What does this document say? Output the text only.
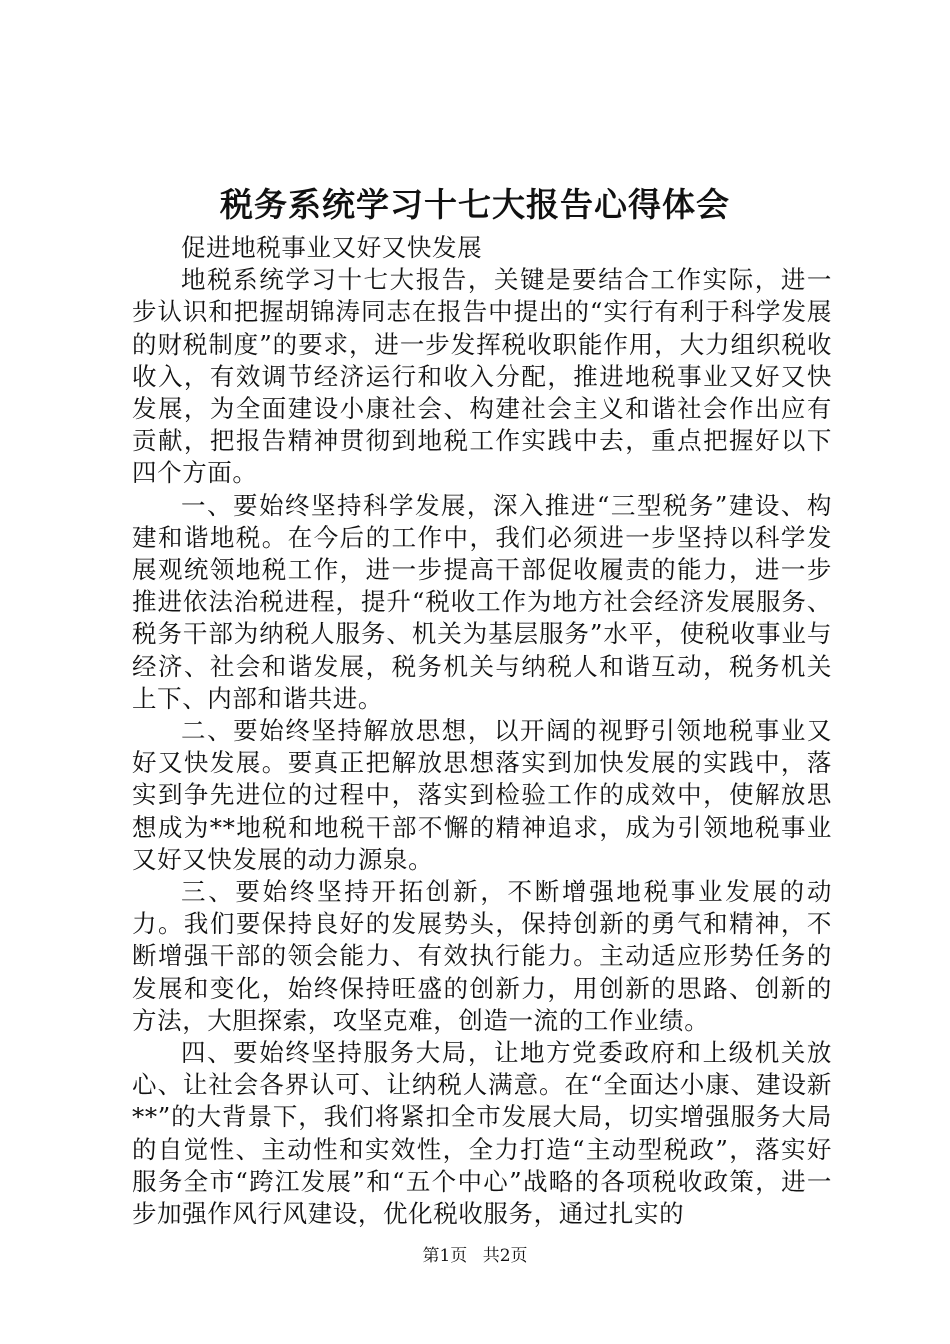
税务系统学习十七大报告心得体会

促进地税事业又好又快发展

地税系统学习十七大报告，关键是要结合工作实际，进一步认识和把握胡锦涛同志在报告中提出的“实行有利于科学发展的财税制度”的要求，进一步发挥税收职能作用，大力组织税收收入，有效调节经济运行和收入分配，推进地税事业又好又快发展，为全面建设小康社会、构建社会主义和谐社会作出应有贡献，把报告精神贯彻到地税工作实践中去，重点把握好以下四个方面。

一、要始终坚持科学发展，深入推进“三型税务”建设、构建和谐地税。在今后的工作中，我们必须进一步坚持以科学发展观统领地税工作，进一步提高干部促收履责的能力，进一步推进依法治税进程，提升“税收工作为地方社会经济发展服务、税务干部为纳税人服务、机关为基层服务”水平，使税收事业与经济、社会和谐发展，税务机关与纳税人和谐互动，税务机关上下、内部和谐共进。

二、要始终坚持解放思想，以开阔的视野引领地税事业又好又快发展。要真正把解放思想落实到加快发展的实践中，落实到争先进位的过程中，落实到检验工作的成效中，使解放思想成为**地税和地税干部不懈的精神追求，成为引领地税事业又好又快发展的动力源泉。

三、要始终坚持开拓创新，不断增强地税事业发展的动力。我们要保持良好的发展势头，保持创新的勇气和精神，不断增强干部的领会能力、有效执行能力。主动适应形势任务的发展和变化，始终保持旺盛的创新力，用创新的思路、创新的方法，大胆探索，攻坚克难，创造一流的工作业绩。

四、要始终坚持服务大局，让地方党委政府和上级机关放心、让社会各界认可、让纳税人满意。在“全面达小康、建设新**”的大背景下，我们将紧扣全市发展大局，切实增强服务大局的自觉性、主动性和实效性，全力打造“主动型税政”，落实好服务全市“跨江发展”和“五个中心”战略的各项税收政策，进一步加强作风行风建设，优化税收服务，通过扎实的

第1页 共2页
